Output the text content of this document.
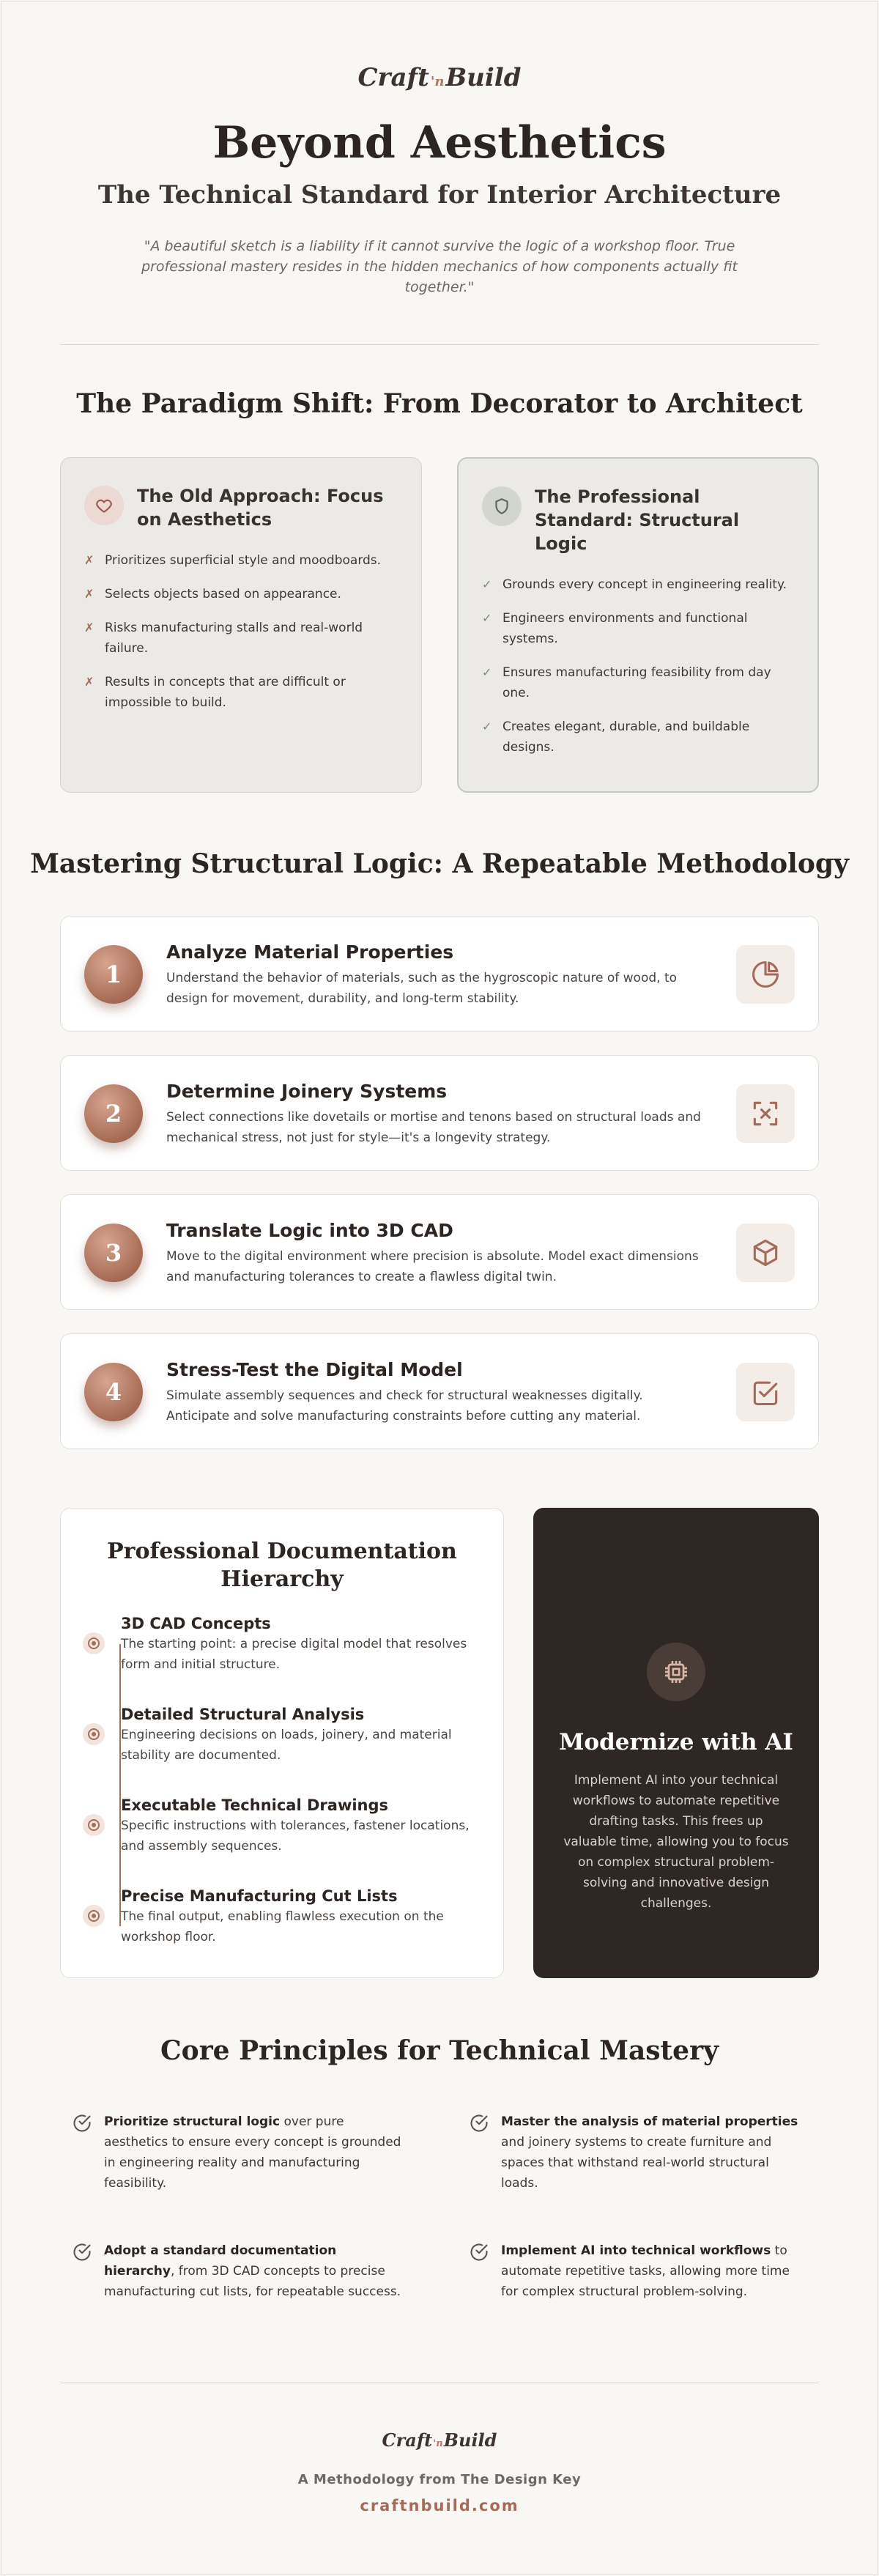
Craft 'nBuild
Beyond Aesthetics
The Technical Standard for Interior Architecture

"A beautiful sketch is a liability if it cannot survive the logic of a workshop floor. True professional mastery resides in the hidden mechanics of how components actually fit together."

The Paradigm Shift: From Decorator to Architect
The Old Approach: Focus on Aesthetics
✗ Prioritizes superficial style and moodboards.
✗ Selects objects based on appearance.
✗ Risks manufacturing stalls and real-world failure.
✗ Results in concepts that are difficult or impossible to build.
The Professional Standard: Structural Logic
✓ Grounds every concept in engineering reality.
✓ Engineers environments and functional systems.
✓ Ensures manufacturing feasibility from day one.
✓ Creates elegant, durable, and buildable designs.
Mastering Structural Logic: A Repeatable Methodology
1
Analyze Material Properties
Understand the behavior of materials, such as the hygroscopic nature of wood, to design for movement, durability, and long-term stability.
2
Determine Joinery Systems
Select connections like dovetails or mortise and tenons based on structural loads and mechanical stress, not just for style—it's a longevity strategy.
3
Translate Logic into 3D CAD
Move to the digital environment where precision is absolute. Model exact dimensions and manufacturing tolerances to create a flawless digital twin.
4
Stress-Test the Digital Model
Simulate assembly sequences and check for structural weaknesses digitally. Anticipate and solve manufacturing constraints before cutting any material.
Professional Documentation Hierarchy
3D CAD Concepts
The starting point: a precise digital model that resolves form and initial structure.
Detailed Structural Analysis
Engineering decisions on loads, joinery, and material stability are documented.
Executable Technical Drawings
Specific instructions with tolerances, fastener locations, and assembly sequences.
Precise Manufacturing Cut Lists
The final output, enabling flawless execution on the workshop floor.
Modernize with AI

Implement AI into your technical workflows to automate repetitive drafting tasks. This frees up valuable time, allowing you to focus on complex structural problem-solving and innovative design challenges.

Core Principles for Technical Mastery

Prioritize structural logic over pure aesthetics to ensure every concept is grounded in engineering reality and manufacturing feasibility.

Master the analysis of material properties and joinery systems to create furniture and spaces that withstand real-world structural loads.

Adopt a standard documentation hierarchy, from 3D CAD concepts to precise manufacturing cut lists, for repeatable success.

Implement AI into technical workflows to automate repetitive tasks, allowing more time for complex structural problem-solving.

Craft'nBuild
A Methodology from The Design Key
craftnbuild.com
